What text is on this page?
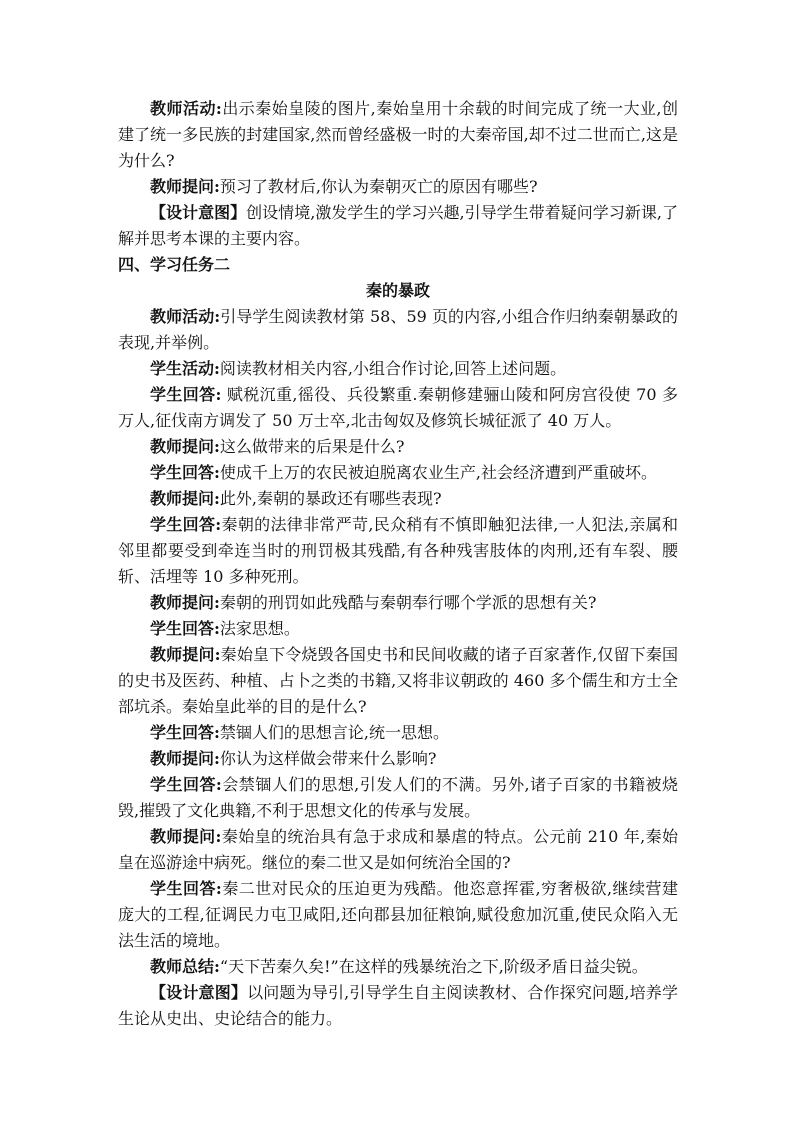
教师活动:出示秦始皇陵的图片,秦始皇用十余载的时间完成了统一大业,创建了统一多民族的封建国家,然而曾经盛极一时的大秦帝国,却不过二世而亡,这是为什么?

教师提问:预习了教材后,你认为秦朝灭亡的原因有哪些?

【设计意图】创设情境,激发学生的学习兴趣,引导学生带着疑问学习新课,了解并思考本课的主要内容。

四、学习任务二

秦的暴政

教师活动:引导学生阅读教材第 58、59 页的内容,小组合作归纳秦朝暴政的表现,并举例。

学生活动:阅读教材相关内容,小组合作讨论,回答上述问题。

学生回答: 赋税沉重,徭役、兵役繁重.秦朝修建骊山陵和阿房宫役使 70 多万人,征伐南方调发了 50 万士卒,北击匈奴及修筑长城征派了 40 万人。

教师提问:这么做带来的后果是什么?

学生回答:使成千上万的农民被迫脱离农业生产,社会经济遭到严重破坏。

教师提问:此外,秦朝的暴政还有哪些表现?

学生回答:秦朝的法律非常严苛,民众稍有不慎即触犯法律,一人犯法,亲属和邻里都要受到牵连当时的刑罚极其残酷,有各种残害肢体的肉刑,还有车裂、腰斩、活埋等 10 多种死刑。

教师提问:秦朝的刑罚如此残酷与秦朝奉行哪个学派的思想有关?

学生回答:法家思想。

教师提问:秦始皇下令烧毁各国史书和民间收藏的诸子百家著作,仅留下秦国的史书及医药、种植、占卜之类的书籍,又将非议朝政的 460 多个儒生和方士全部坑杀。秦始皇此举的目的是什么?

学生回答:禁锢人们的思想言论,统一思想。

教师提问:你认为这样做会带来什么影响?

学生回答:会禁锢人们的思想,引发人们的不满。另外,诸子百家的书籍被烧毁,摧毁了文化典籍,不利于思想文化的传承与发展。

教师提问:秦始皇的统治具有急于求成和暴虐的特点。公元前 210 年,秦始皇在巡游途中病死。继位的秦二世又是如何统治全国的?

学生回答:秦二世对民众的压迫更为残酷。他恣意挥霍,穷奢极欲,继续营建庞大的工程,征调民力屯卫咸阳,还向郡县加征粮饷,赋役愈加沉重,使民众陷入无法生活的境地。

教师总结:“天下苦秦久矣!”在这样的残暴统治之下,阶级矛盾日益尖锐。

【设计意图】以问题为导引,引导学生自主阅读教材、合作探究问题,培养学生论从史出、史论结合的能力。
